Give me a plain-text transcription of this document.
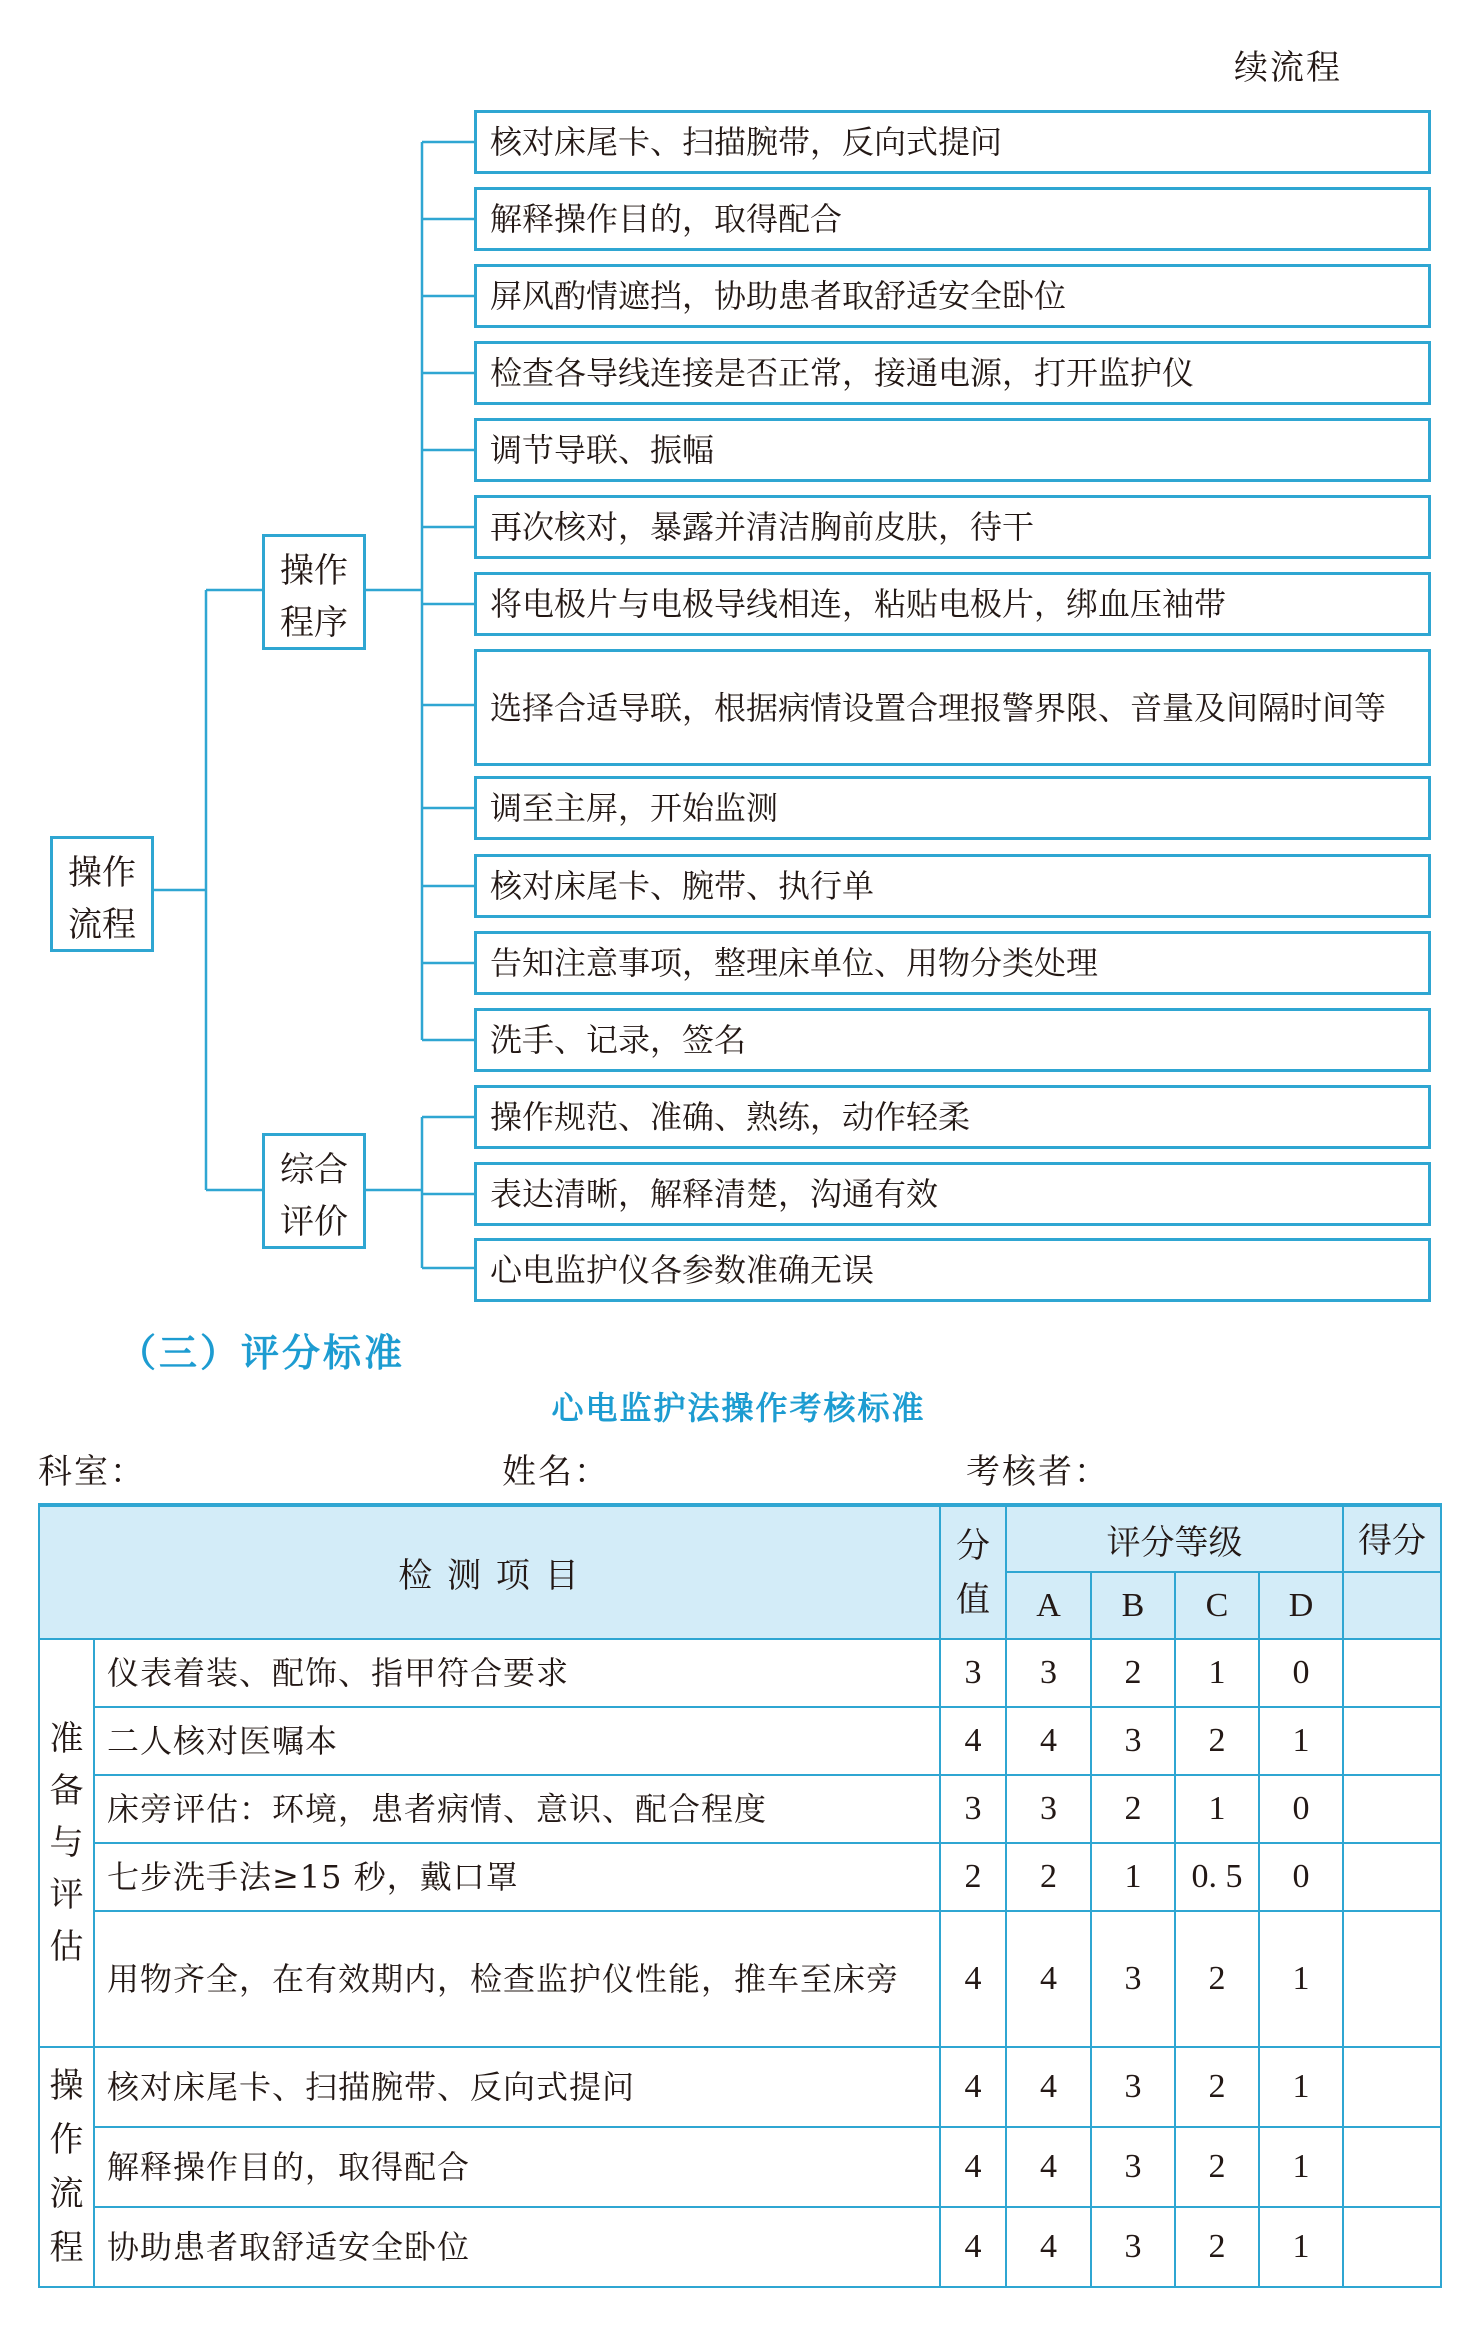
续流程
操作流程
操作程序
综合评价
核对床尾卡、扫描腕带，反向式提问
解释操作目的，取得配合
屏风酌情遮挡，协助患者取舒适安全卧位
检查各导线连接是否正常，接通电源，打开监护仪
调节导联、振幅
再次核对，暴露并清洁胸前皮肤，待干
将电极片与电极导线相连，粘贴电极片，绑血压袖带
选择合适导联，根据病情设置合理报警界限、音量及间隔时间等
调至主屏，开始监测
核对床尾卡、腕带、执行单
告知注意事项，整理床单位、用物分类处理
洗手、记录，签名
操作规范、准确、熟练，动作轻柔
表达清晰，解释清楚，沟通有效
心电监护仪各参数准确无误
（三）评分标准
心电监护法操作考核标准
科室：	姓名：	考核者：
检 测 项 目		分值	评分等级				得分
			A	B	C	D	

准备与评估	仪表着装、配饰、指甲符合要求	3	3	2	1	0	
	二人核对医嘱本	4	4	3	2	1	
	床旁评估：环境，患者病情、意识、配合程度	3	3	2	1	0	
	七步洗手法≥15 秒，戴口罩	2	2	1	0. 5	0	
	用物齐全，在有效期内，检查监护仪性能，推车至床旁	4	4	3	2	1	

操作流程	核对床尾卡、扫描腕带、反向式提问	4	4	3	2	1	
	解释操作目的，取得配合	4	4	3	2	1	
	协助患者取舒适安全卧位	4	4	3	2	1	
